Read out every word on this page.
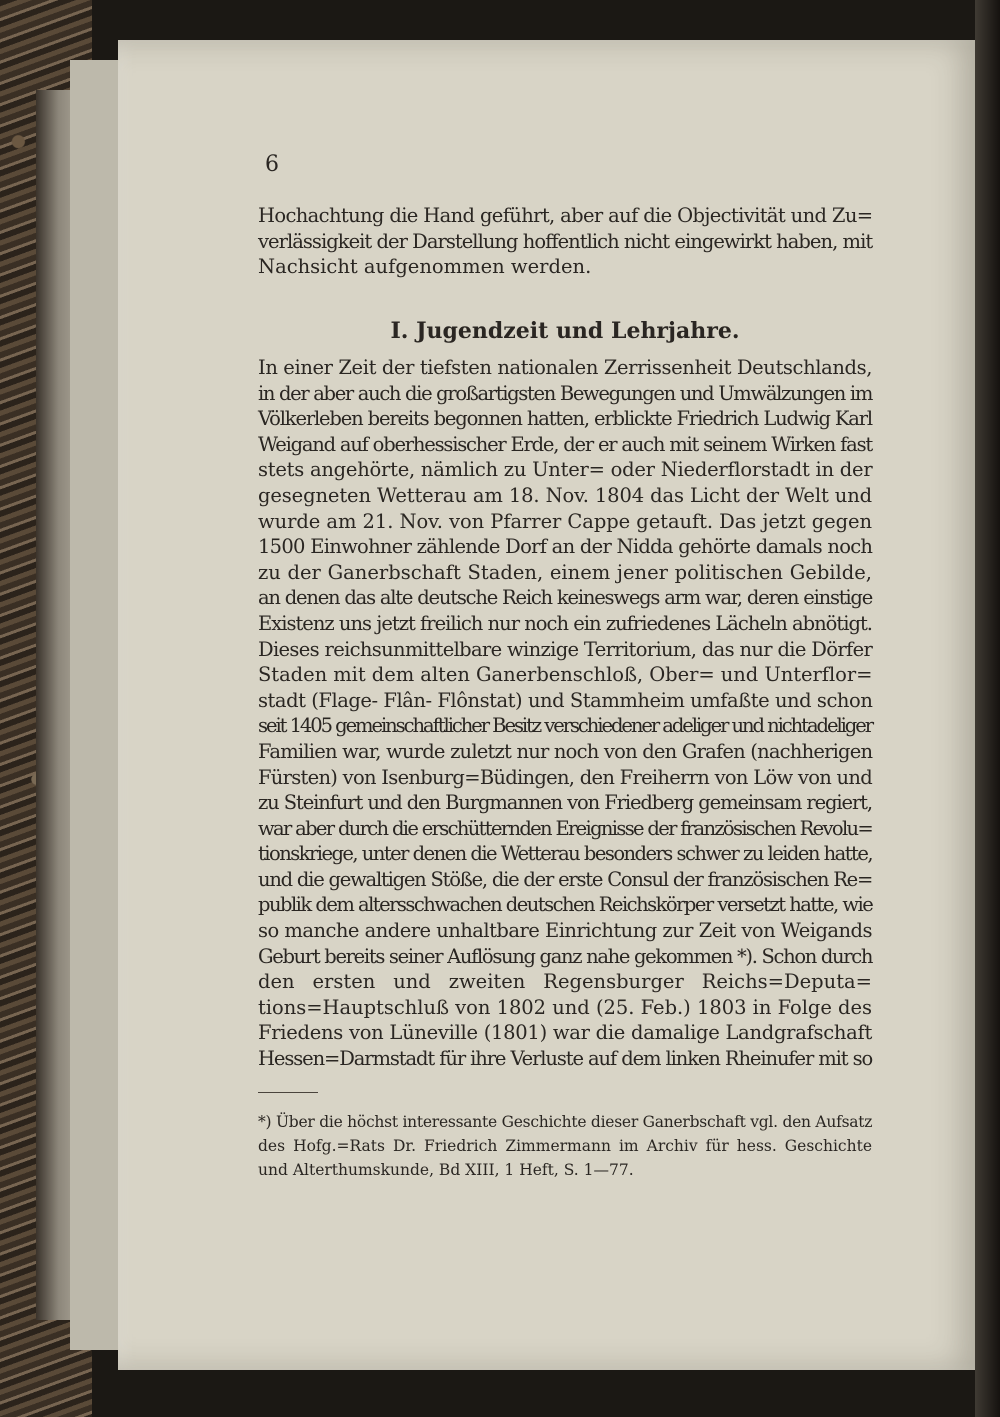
6
Hochachtung die Hand geführt, aber auf die Objectivität und Zu=
verlässigkeit der Darstellung hoffentlich nicht eingewirkt haben, mit
Nachsicht aufgenommen werden.
I. Jugendzeit und Lehrjahre.
In einer Zeit der tiefsten nationalen Zerrissenheit Deutschlands,
in der aber auch die großartigsten Bewegungen und Umwälzungen im
Völkerleben bereits begonnen hatten, erblickte Friedrich Ludwig Karl
Weigand auf oberhessischer Erde, der er auch mit seinem Wirken fast
stets angehörte, nämlich zu Unter= oder Niederflorstadt in der
gesegneten Wetterau am 18. Nov. 1804 das Licht der Welt und
wurde am 21. Nov. von Pfarrer Cappe getauft. Das jetzt gegen
1500 Einwohner zählende Dorf an der Nidda gehörte damals noch
zu der Ganerbschaft Staden, einem jener politischen Gebilde,
an denen das alte deutsche Reich keineswegs arm war, deren einstige
Existenz uns jetzt freilich nur noch ein zufriedenes Lächeln abnötigt.
Dieses reichsunmittelbare winzige Territorium, das nur die Dörfer
Staden mit dem alten Ganerbenschloß, Ober= und Unterflor=
stadt (Flage- Flân- Flônstat) und Stammheim umfaßte und schon
seit 1405 gemeinschaftlicher Besitz verschiedener adeliger und nichtadeliger
Familien war, wurde zuletzt nur noch von den Grafen (nachherigen
Fürsten) von Isenburg=Büdingen, den Freiherrn von Löw von und
zu Steinfurt und den Burgmannen von Friedberg gemeinsam regiert,
war aber durch die erschütternden Ereignisse der französischen Revolu=
tionskriege, unter denen die Wetterau besonders schwer zu leiden hatte,
und die gewaltigen Stöße, die der erste Consul der französischen Re=
publik dem altersschwachen deutschen Reichskörper versetzt hatte, wie
so manche andere unhaltbare Einrichtung zur Zeit von Weigands
Geburt bereits seiner Auflösung ganz nahe gekommen *). Schon durch
den ersten und zweiten Regensburger Reichs=Deputa=
tions=Hauptschluß von 1802 und (25. Feb.) 1803 in Folge des
Friedens von Lüneville (1801) war die damalige Landgrafschaft
Hessen=Darmstadt für ihre Verluste auf dem linken Rheinufer mit so
*) Über die höchst interessante Geschichte dieser Ganerbschaft vgl. den Aufsatz
des Hofg.=Rats Dr. Friedrich Zimmermann im Archiv für hess. Geschichte
und Alterthumskunde, Bd XIII, 1 Heft, S. 1—77.
